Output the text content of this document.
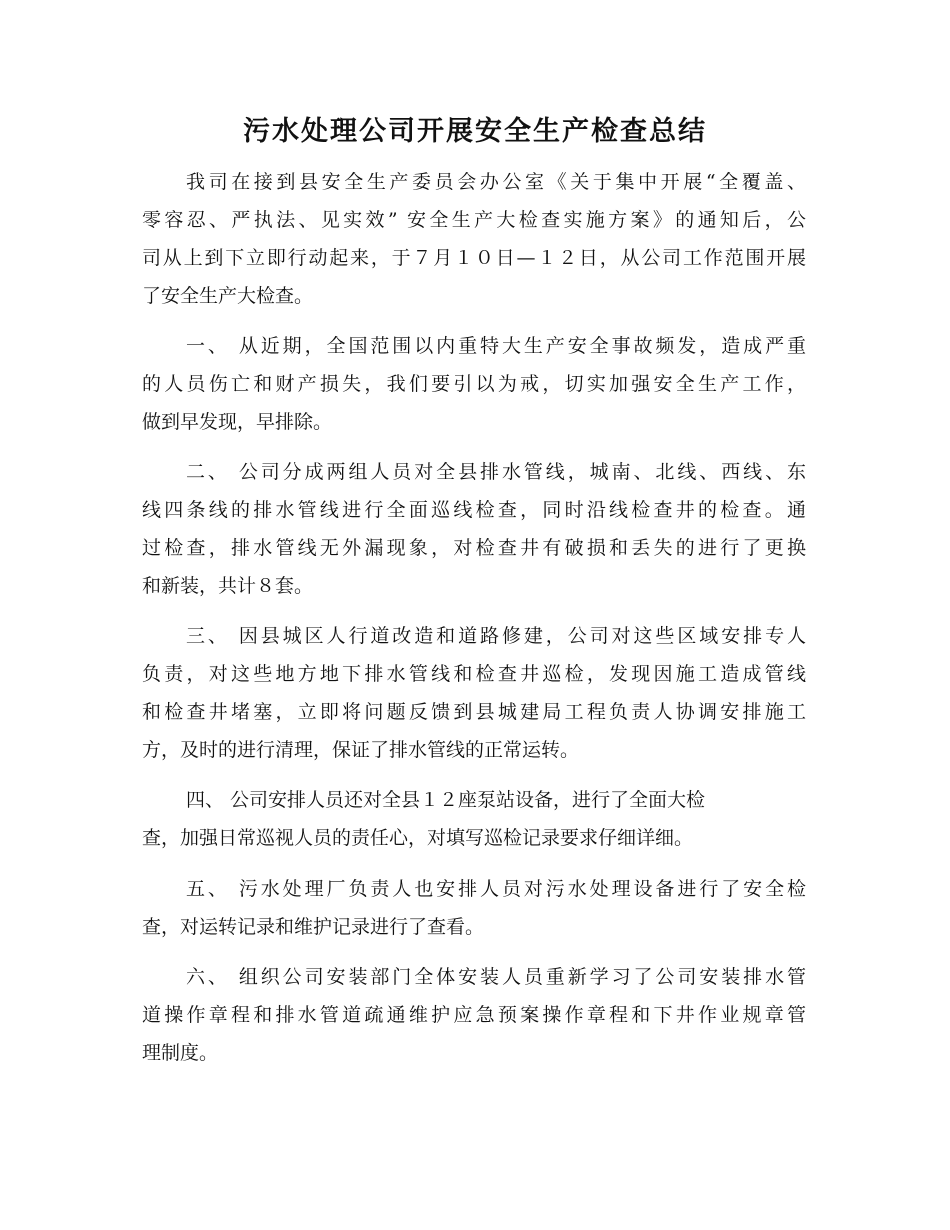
污水处理公司开展安全生产检查总结
我司在接到县安全生产委员会办公室《关于集中开展“全覆盖、
零容忍、严执法、见实效” 安全生产大检查实施方案》的通知后，公
司从上到下立即行动起来，于７月１０日—１２日，从公司工作范围开展
了安全生产大检查。
一、 从近期，全国范围以内重特大生产安全事故频发，造成严重
的人员伤亡和财产损失，我们要引以为戒，切实加强安全生产工作，
做到早发现，早排除。
二、 公司分成两组人员对全县排水管线，城南、北线、西线、东
线四条线的排水管线进行全面巡线检查，同时沿线检查井的检查。通
过检查，排水管线无外漏现象，对检查井有破损和丢失的进行了更换
和新装，共计８套。
三、 因县城区人行道改造和道路修建，公司对这些区域安排专人
负责，对这些地方地下排水管线和检查井巡检，发现因施工造成管线
和检查井堵塞，立即将问题反馈到县城建局工程负责人协调安排施工
方，及时的进行清理，保证了排水管线的正常运转。
四、 公司安排人员还对全县１２座泵站设备，进行了全面大检
查，加强日常巡视人员的责任心，对填写巡检记录要求仔细详细。
五、 污水处理厂负责人也安排人员对污水处理设备进行了安全检
查，对运转记录和维护记录进行了查看。
六、 组织公司安装部门全体安装人员重新学习了公司安装排水管
道操作章程和排水管道疏通维护应急预案操作章程和下井作业规章管
理制度。
